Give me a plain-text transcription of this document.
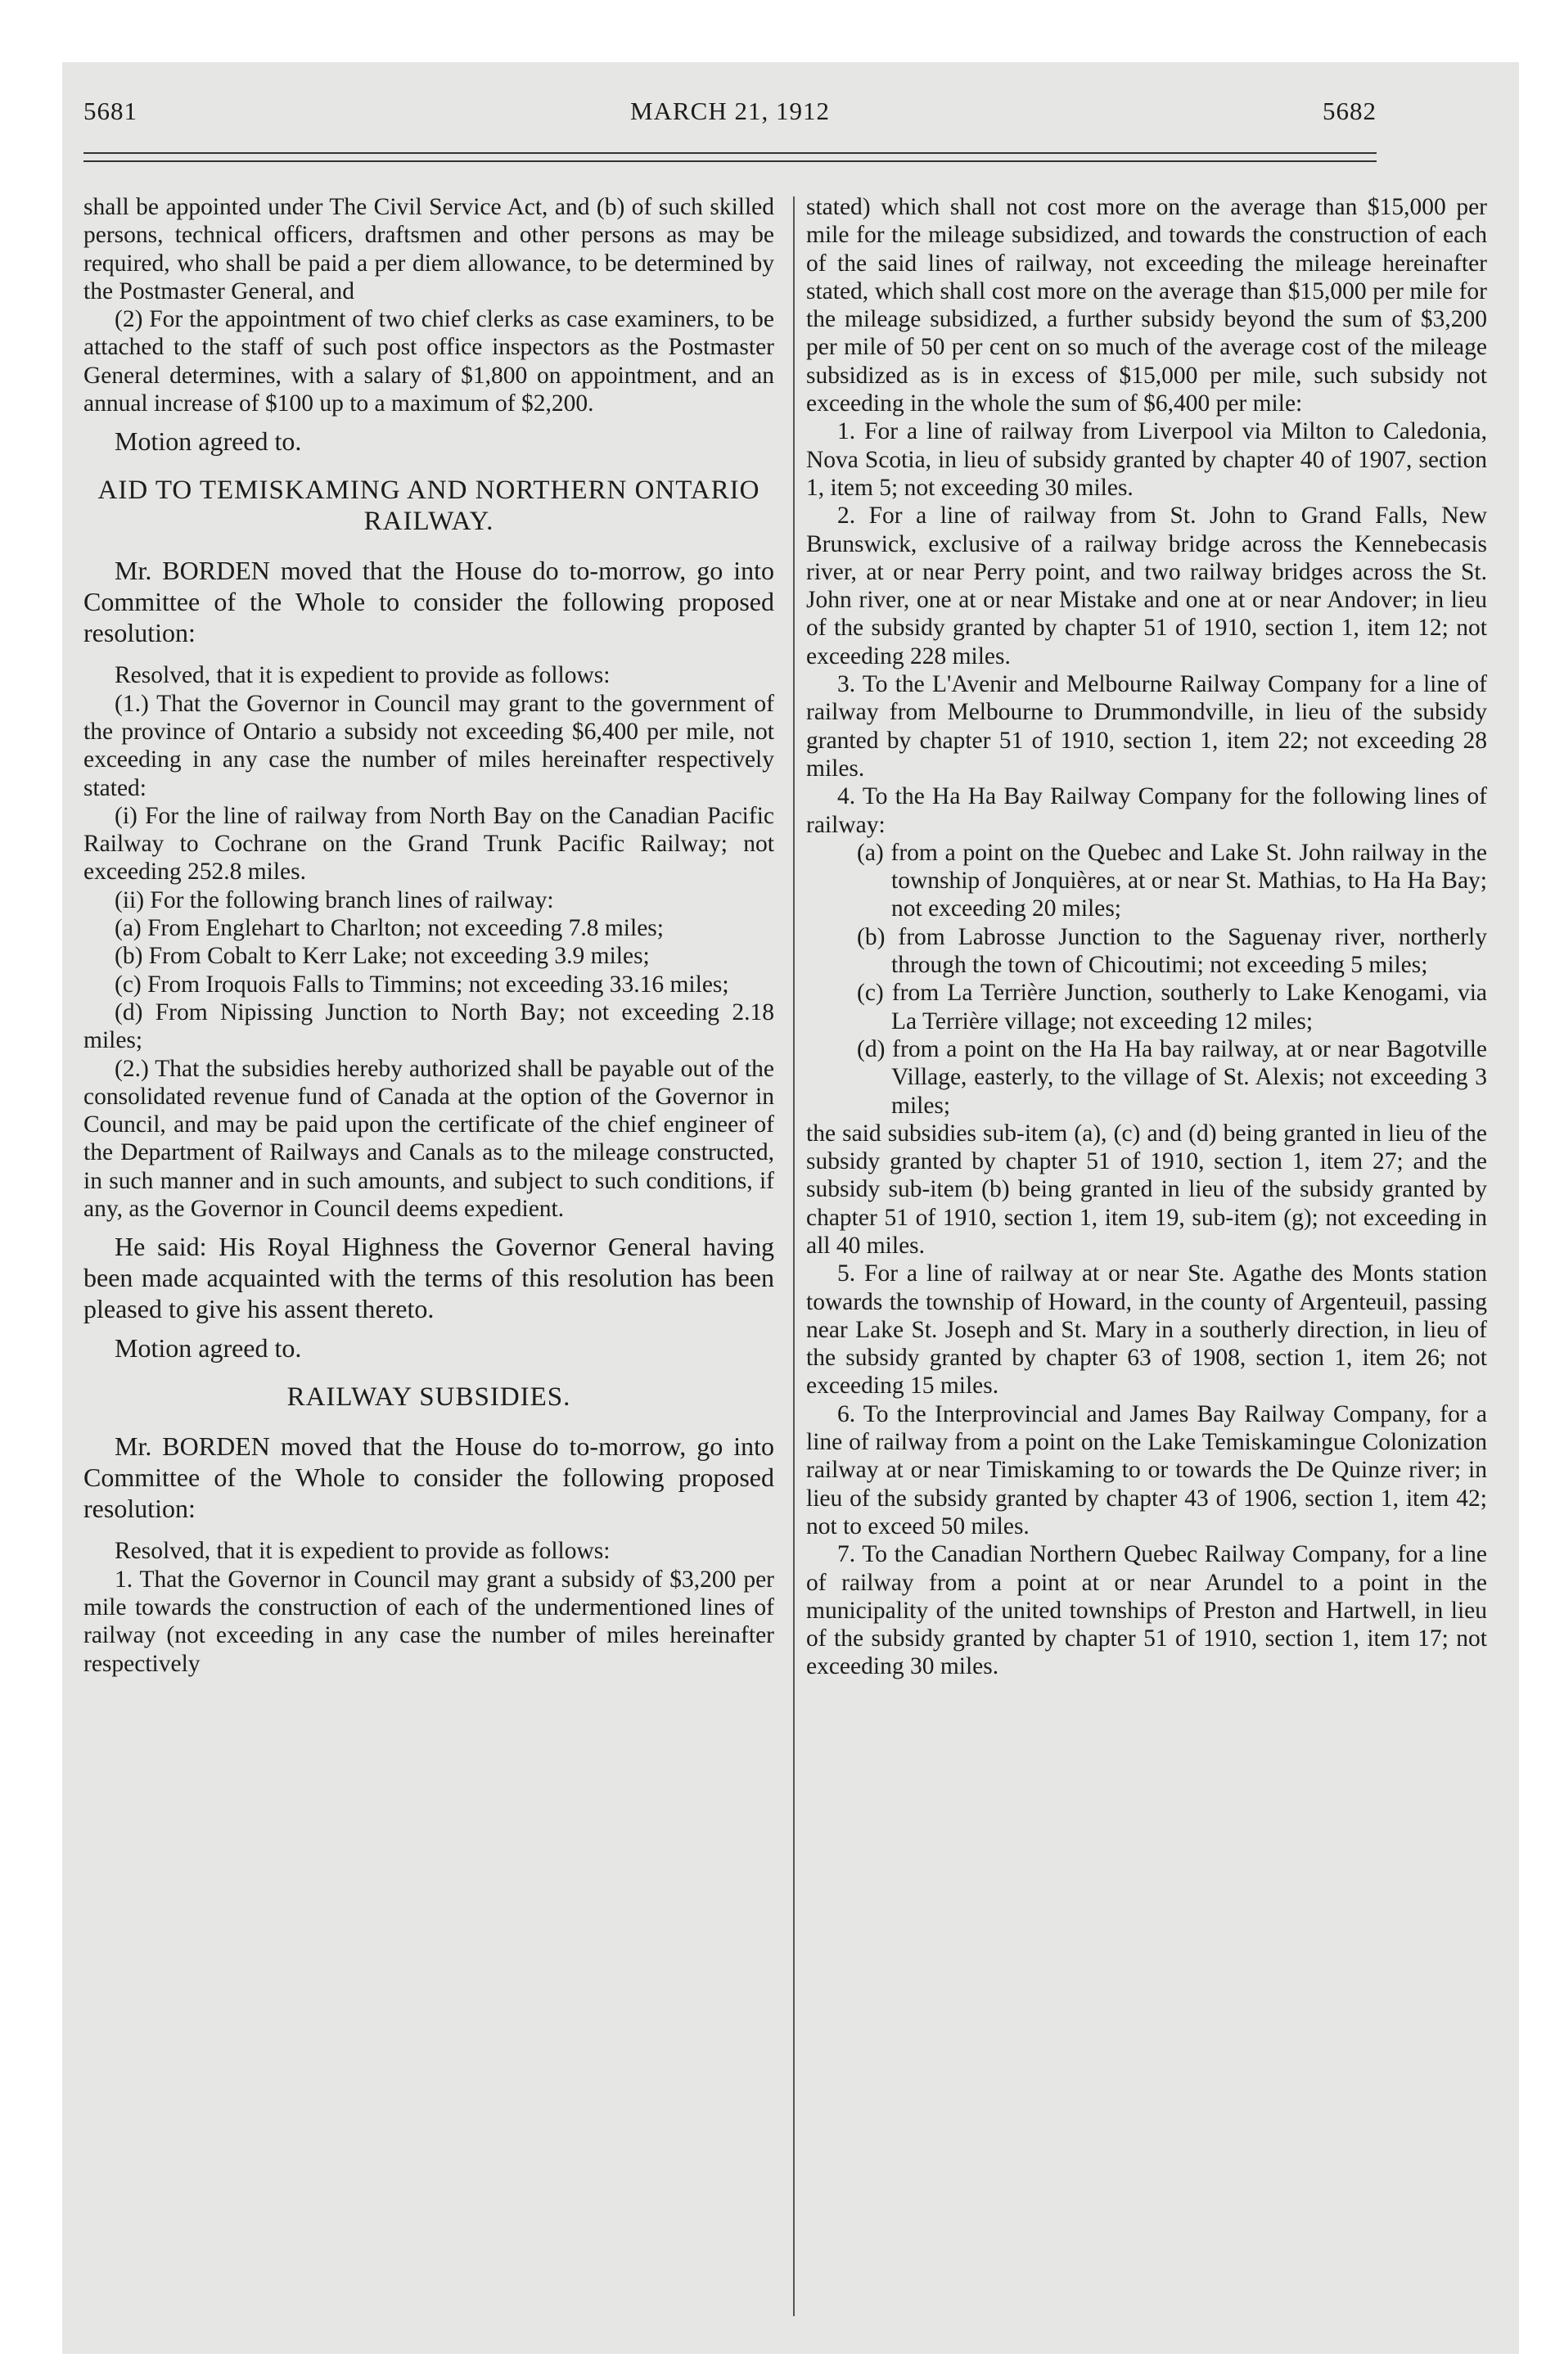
5681	MARCH 21, 1912	5682

shall be appointed under The Civil Service Act, and (b) of such skilled persons, technical officers, draftsmen and other persons as may be required, who shall be paid a per diem allowance, to be determined by the Postmaster General, and

(2) For the appointment of two chief clerks as case examiners, to be attached to the staff of such post office inspectors as the Postmaster General determines, with a salary of $1,800 on appointment, and an annual increase of $100 up to a maximum of $2,200.

Motion agreed to.

AID TO TEMISKAMING AND NORTHERN ONTARIO RAILWAY.

Mr. BORDEN moved that the House do to-morrow, go into Committee of the Whole to consider the following proposed resolution:

Resolved, that it is expedient to provide as follows:

(1.) That the Governor in Council may grant to the government of the province of Ontario a subsidy not exceeding $6,400 per mile, not exceeding in any case the number of miles hereinafter respectively stated:

(i) For the line of railway from North Bay on the Canadian Pacific Railway to Cochrane on the Grand Trunk Pacific Railway; not exceeding 252.8 miles.

(ii) For the following branch lines of railway:

(a) From Englehart to Charlton; not exceeding 7.8 miles;

(b) From Cobalt to Kerr Lake; not exceeding 3.9 miles;

(c) From Iroquois Falls to Timmins; not exceeding 33.16 miles;

(d) From Nipissing Junction to North Bay; not exceeding 2.18 miles;

(2.) That the subsidies hereby authorized shall be payable out of the consolidated revenue fund of Canada at the option of the Governor in Council, and may be paid upon the certificate of the chief engineer of the Department of Railways and Canals as to the mileage constructed, in such manner and in such amounts, and subject to such conditions, if any, as the Governor in Council deems expedient.

He said: His Royal Highness the Governor General having been made acquainted with the terms of this resolution has been pleased to give his assent thereto.

Motion agreed to.

RAILWAY SUBSIDIES.

Mr. BORDEN moved that the House do to-morrow, go into Committee of the Whole to consider the following proposed resolution:

Resolved, that it is expedient to provide as follows:

1. That the Governor in Council may grant a subsidy of $3,200 per mile towards the construction of each of the undermentioned lines of railway (not exceeding in any case the number of miles hereinafter respectively

stated) which shall not cost more on the average than $15,000 per mile for the mileage subsidized, and towards the construction of each of the said lines of railway, not exceeding the mileage hereinafter stated, which shall cost more on the average than $15,000 per mile for the mileage subsidized, a further subsidy beyond the sum of $3,200 per mile of 50 per cent on so much of the average cost of the mileage subsidized as is in excess of $15,000 per mile, such subsidy not exceeding in the whole the sum of $6,400 per mile:

1. For a line of railway from Liverpool via Milton to Caledonia, Nova Scotia, in lieu of subsidy granted by chapter 40 of 1907, section 1, item 5; not exceeding 30 miles.

2. For a line of railway from St. John to Grand Falls, New Brunswick, exclusive of a railway bridge across the Kennebecasis river, at or near Perry point, and two railway bridges across the St. John river, one at or near Mistake and one at or near Andover; in lieu of the subsidy granted by chapter 51 of 1910, section 1, item 12; not exceeding 228 miles.

3. To the L'Avenir and Melbourne Railway Company for a line of railway from Melbourne to Drummondville, in lieu of the subsidy granted by chapter 51 of 1910, section 1, item 22; not exceeding 28 miles.

4. To the Ha Ha Bay Railway Company for the following lines of railway:

(a) from a point on the Quebec and Lake St. John railway in the township of Jonquières, at or near St. Mathias, to Ha Ha Bay; not exceeding 20 miles;

(b) from Labrosse Junction to the Saguenay river, northerly through the town of Chicoutimi; not exceeding 5 miles;

(c) from La Terrière Junction, southerly to Lake Kenogami, via La Terrière village; not exceeding 12 miles;

(d) from a point on the Ha Ha bay railway, at or near Bagotville Village, easterly, to the village of St. Alexis; not exceeding 3 miles;

the said subsidies sub-item (a), (c) and (d) being granted in lieu of the subsidy granted by chapter 51 of 1910, section 1, item 27; and the subsidy sub-item (b) being granted in lieu of the subsidy granted by chapter 51 of 1910, section 1, item 19, sub-item (g); not exceeding in all 40 miles.

5. For a line of railway at or near Ste. Agathe des Monts station towards the township of Howard, in the county of Argenteuil, passing near Lake St. Joseph and St. Mary in a southerly direction, in lieu of the subsidy granted by chapter 63 of 1908, section 1, item 26; not exceeding 15 miles.

6. To the Interprovincial and James Bay Railway Company, for a line of railway from a point on the Lake Temiskamingue Colonization railway at or near Timiskaming to or towards the De Quinze river; in lieu of the subsidy granted by chapter 43 of 1906, section 1, item 42; not to exceed 50 miles.

7. To the Canadian Northern Quebec Railway Company, for a line of railway from a point at or near Arundel to a point in the municipality of the united townships of Preston and Hartwell, in lieu of the subsidy granted by chapter 51 of 1910, section 1, item 17; not exceeding 30 miles.
